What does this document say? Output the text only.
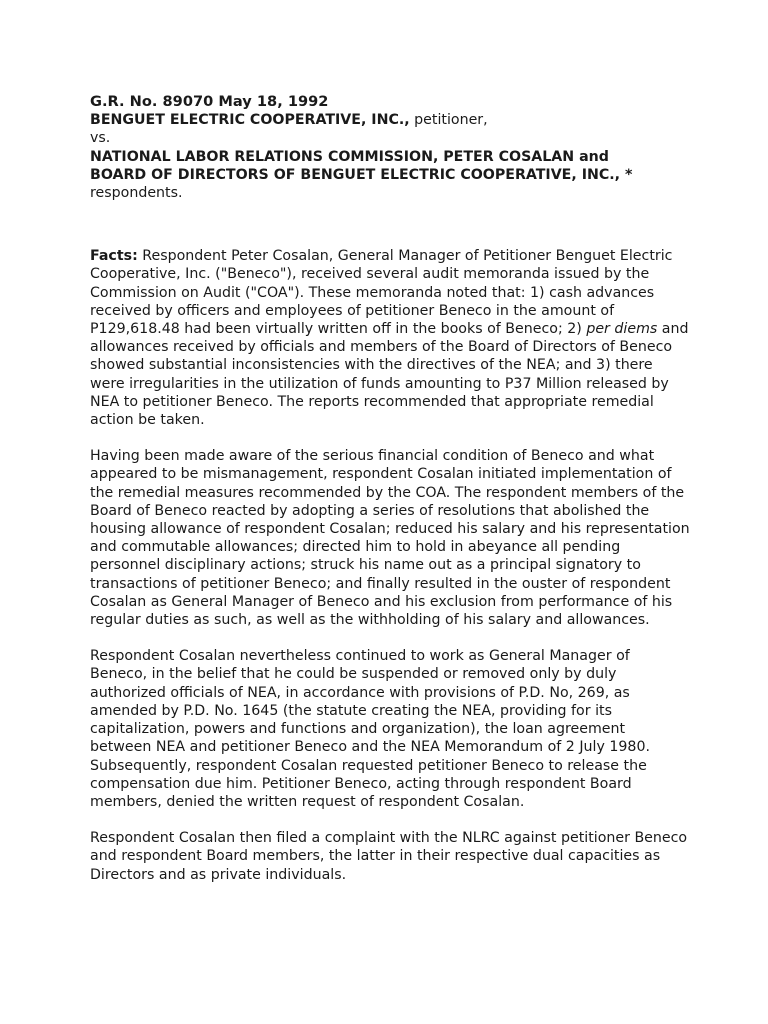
G.R. No. 89070 May 18, 1992
BENGUET ELECTRIC COOPERATIVE, INC., petitioner,
vs.
NATIONAL LABOR RELATIONS COMMISSION, PETER COSALAN and
BOARD OF DIRECTORS OF BENGUET ELECTRIC COOPERATIVE, INC., *
respondents.

Facts: Respondent Peter Cosalan, General Manager of Petitioner Benguet Electric Cooperative, Inc. ("Beneco"), received several audit memoranda issued by the Commission on Audit ("COA"). These memoranda noted that: 1) cash advances received by officers and employees of petitioner Beneco in the amount of P129,618.48 had been virtually written off in the books of Beneco; 2) per diems and allowances received by officials and members of the Board of Directors of Beneco showed substantial inconsistencies with the directives of the NEA; and 3) there were irregularities in the utilization of funds amounting to P37 Million released by NEA to petitioner Beneco. The reports recommended that appropriate remedial action be taken.

Having been made aware of the serious financial condition of Beneco and what appeared to be mismanagement, respondent Cosalan initiated implementation of the remedial measures recommended by the COA. The respondent members of the Board of Beneco reacted by adopting a series of resolutions that abolished the housing allowance of respondent Cosalan; reduced his salary and his representation and commutable allowances; directed him to hold in abeyance all pending personnel disciplinary actions; struck his name out as a principal signatory to transactions of petitioner Beneco; and finally resulted in the ouster of respondent Cosalan as General Manager of Beneco and his exclusion from performance of his regular duties as such, as well as the withholding of his salary and allowances.

Respondent Cosalan nevertheless continued to work as General Manager of Beneco, in the belief that he could be suspended or removed only by duly authorized officials of NEA, in accordance with provisions of P.D. No, 269, as amended by P.D. No. 1645 (the statute creating the NEA, providing for its capitalization, powers and functions and organization), the loan agreement between NEA and petitioner Beneco and the NEA Memorandum of 2 July 1980. Subsequently, respondent Cosalan requested petitioner Beneco to release the compensation due him. Petitioner Beneco, acting through respondent Board members, denied the written request of respondent Cosalan.

Respondent Cosalan then filed a complaint with the NLRC against petitioner Beneco and respondent Board members, the latter in their respective dual capacities as Directors and as private individuals.
